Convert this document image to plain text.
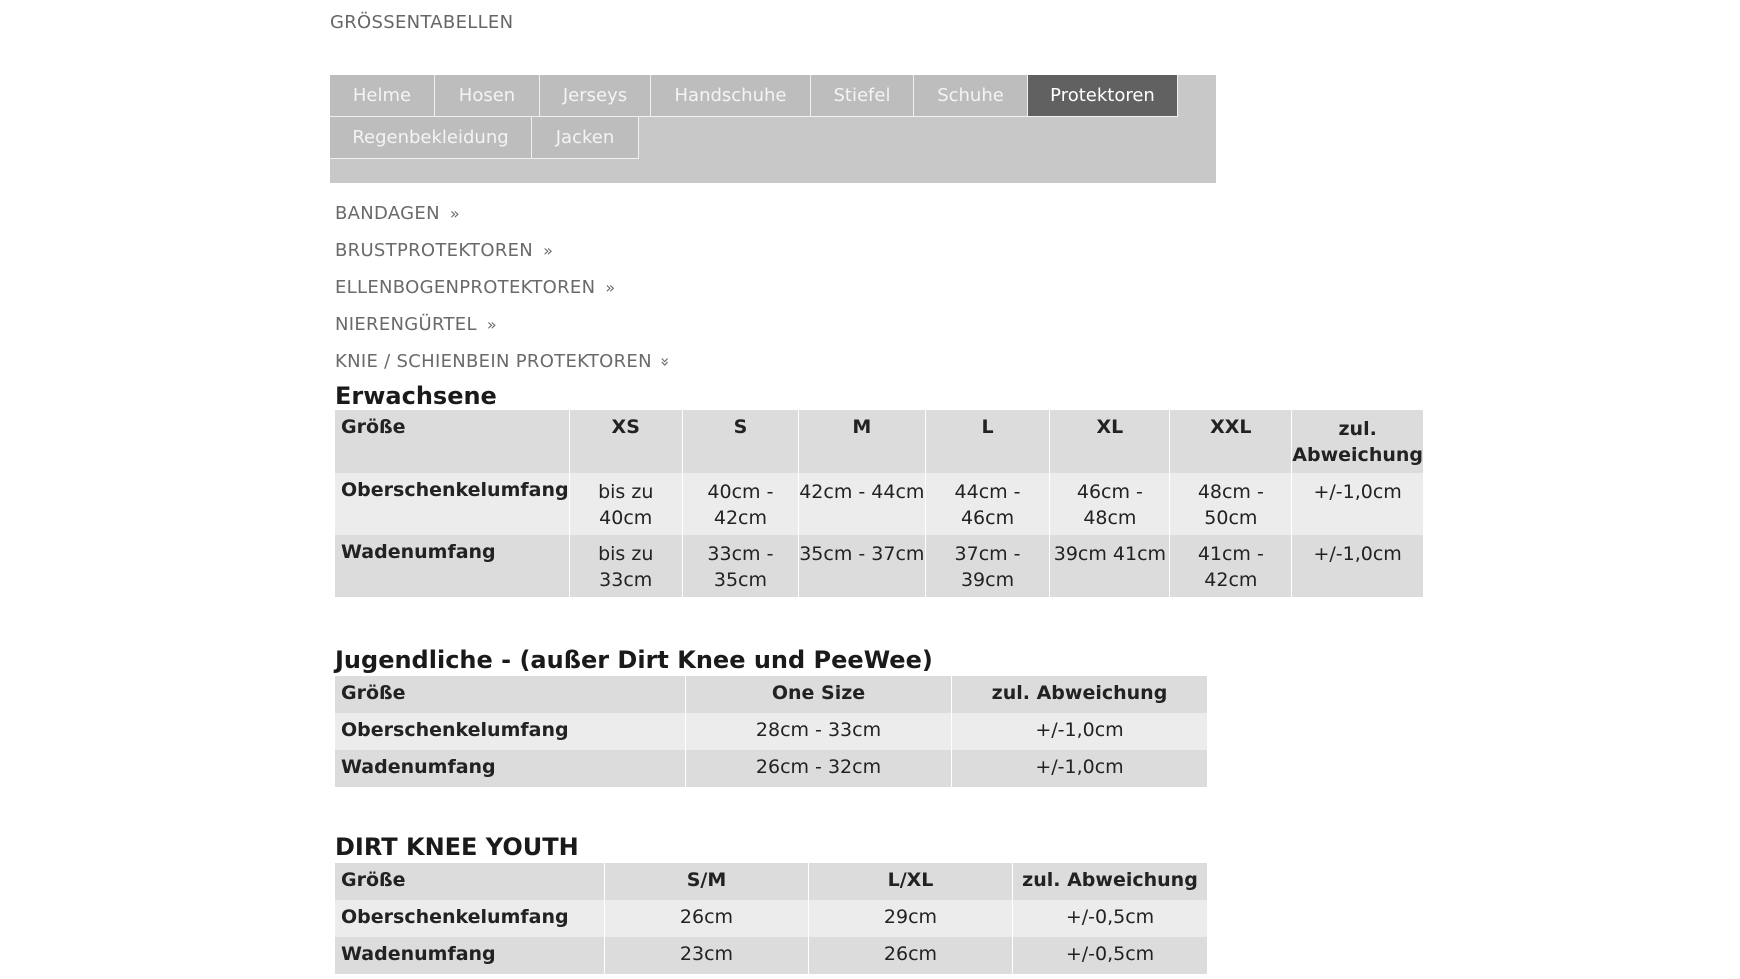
GRÖSSENTABELLEN
Helme	Hosen	Jerseys	Handschuhe	Stiefel	Schuhe	Protektoren
Regenbekleidung	Jacken
BANDAGEN »
BRUSTPROTEKTOREN »
ELLENBOGENPROTEKTOREN »
NIERENGÜRTEL »
KNIE / SCHIENBEIN PROTEKTOREN »
Erwachsene
Größe	XS	S	M	L	XL	XXL	zul. Abweichung
Oberschenkelumfang	bis zu 40cm	40cm - 42cm	42cm - 44cm	44cm - 46cm	46cm - 48cm	48cm - 50cm	+/-1,0cm
Wadenumfang	bis zu 33cm	33cm - 35cm	35cm - 37cm	37cm - 39cm	39cm 41cm	41cm - 42cm	+/-1,0cm
Jugendliche - (außer Dirt Knee und PeeWee)
Größe	One Size	zul. Abweichung
Oberschenkelumfang	28cm - 33cm	+/-1,0cm
Wadenumfang	26cm - 32cm	+/-1,0cm
DIRT KNEE YOUTH
Größe	S/M	L/XL	zul. Abweichung
Oberschenkelumfang	26cm	29cm	+/-0,5cm
Wadenumfang	23cm	26cm	+/-0,5cm
